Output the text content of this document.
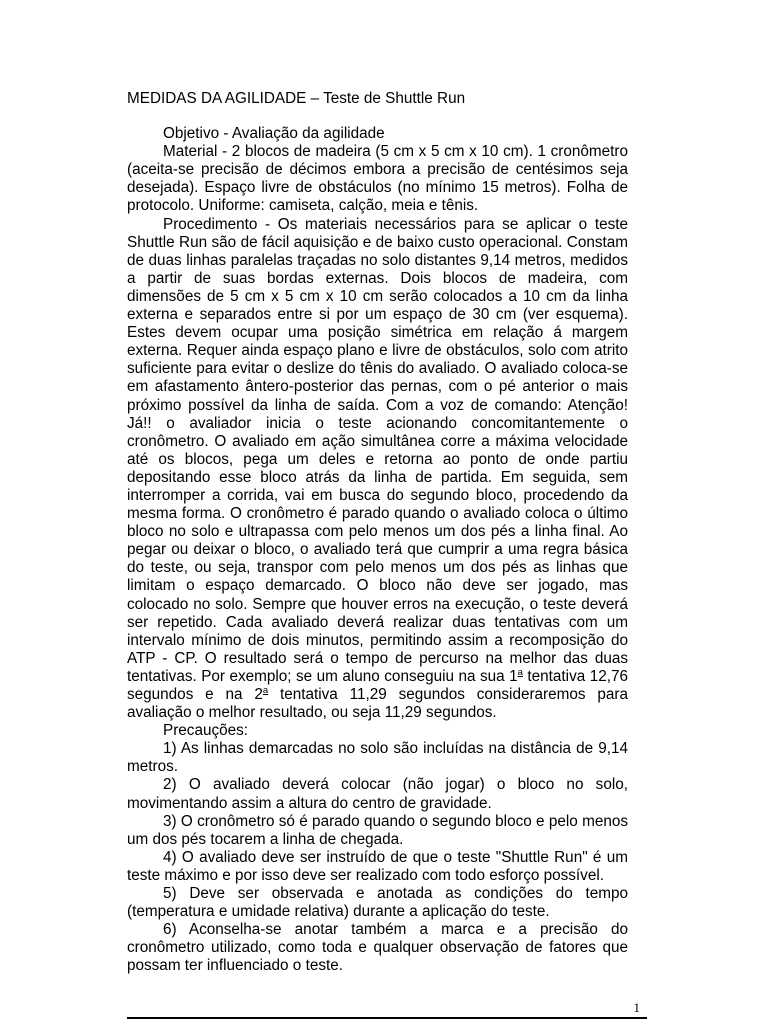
MEDIDAS DA AGILIDADE – Teste de Shuttle Run

Objetivo - Avaliação da agilidade

Material - 2 blocos de madeira (5 cm x 5 cm x 10 cm). 1 cronômetro (aceita-se precisão de décimos embora a precisão de centésimos seja desejada). Espaço livre de obstáculos (no mínimo 15 metros). Folha de protocolo. Uniforme: camiseta, calção, meia e tênis.

Procedimento - Os materiais necessários para se aplicar o teste Shuttle Run são de fácil aquisição e de baixo custo operacional. Constam de duas linhas paralelas traçadas no solo distantes 9,14 metros, medidos a partir de suas bordas externas. Dois blocos de madeira, com dimensões de 5 cm x 5 cm x 10 cm serão colocados a 10 cm da linha externa e separados entre si por um espaço de 30 cm (ver esquema). Estes devem ocupar uma posição simétrica em relação á margem externa. Requer ainda espaço plano e livre de obstáculos, solo com atrito suficiente para evitar o deslize do tênis do avaliado. O avaliado coloca-se em afastamento ântero-posterior das pernas, com o pé anterior o mais próximo possível da linha de saída. Com a voz de comando: Atenção! Já!! o avaliador inicia o teste acionando concomitantemente o cronômetro. O avaliado em ação simultânea corre a máxima velocidade até os blocos, pega um deles e retorna ao ponto de onde partiu depositando esse bloco atrás da linha de partida. Em seguida, sem interromper a corrida, vai em busca do segundo bloco, procedendo da mesma forma. O cronômetro é parado quando o avaliado coloca o último bloco no solo e ultrapassa com pelo menos um dos pés a linha final. Ao pegar ou deixar o bloco, o avaliado terá que cumprir a uma regra básica do teste, ou seja, transpor com pelo menos um dos pés as linhas que limitam o espaço demarcado. O bloco não deve ser jogado, mas colocado no solo. Sempre que houver erros na execução, o teste deverá ser repetido. Cada avaliado deverá realizar duas tentativas com um intervalo mínimo de dois minutos, permitindo assim a recomposição do ATP - CP. O resultado será o tempo de percurso na melhor das duas tentativas. Por exemplo; se um aluno conseguiu na sua 1$^a$ tentativa 12,76 segundos e na 2$^a$ tentativa 11,29 segundos consideraremos para avaliação o melhor resultado, ou seja 11,29 segundos.

Precauções:

1) As linhas demarcadas no solo são incluídas na distância de 9,14 metros.

2) O avaliado deverá colocar (não jogar) o bloco no solo, movimentando assim a altura do centro de gravidade.

3) O cronômetro só é parado quando o segundo bloco e pelo menos um dos pés tocarem a linha de chegada.

4) O avaliado deve ser instruído de que o teste "Shuttle Run" é um teste máximo e por isso deve ser realizado com todo esforço possível.

5) Deve ser observada e anotada as condições do tempo (temperatura e umidade relativa) durante a aplicação do teste.

6) Aconselha-se anotar também a marca e a precisão do cronômetro utilizado, como toda e qualquer observação de fatores que possam ter influenciado o teste.

1
